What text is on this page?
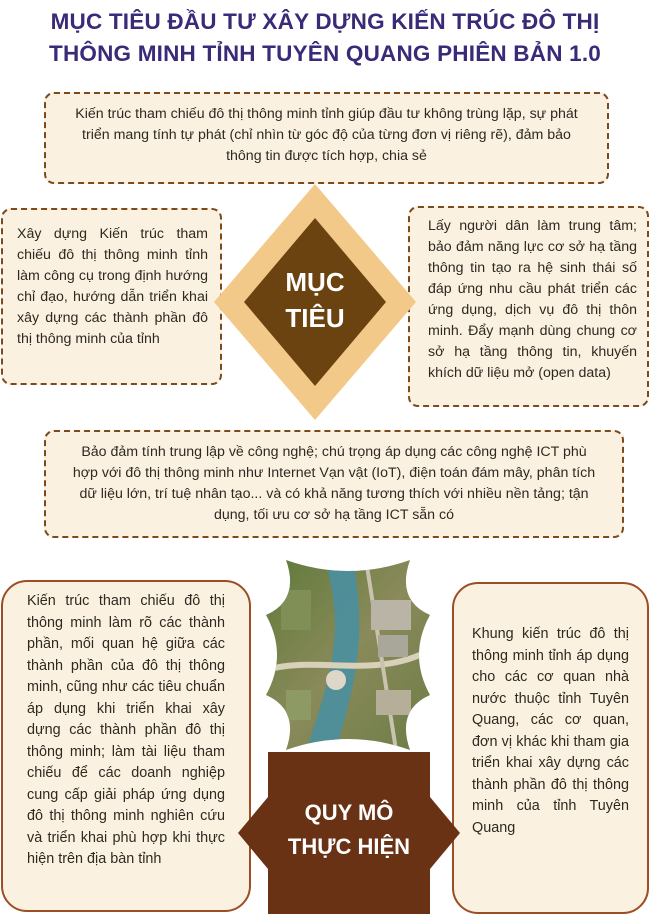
MỤC TIÊU ĐẦU TƯ XÂY DỰNG KIẾN TRÚC ĐÔ THỊ
THÔNG MINH TỈNH TUYÊN QUANG PHIÊN BẢN 1.0
Kiến trúc tham chiếu đô thị thông minh tỉnh giúp đầu tư không trùng lặp, sự phát triển mang tính tự phát (chỉ nhìn từ góc độ của từng đơn vị riêng rẽ), đảm bảo thông tin được tích hợp, chia sẻ
Xây dựng Kiến trúc tham chiếu đô thị thông minh tỉnh làm công cụ trong định hướng chỉ đạo, hướng dẫn triển khai xây dựng các thành phần đô thị thông minh của tỉnh
Lấy người dân làm trung tâm; bảo đảm năng lực cơ sở hạ tầng thông tin tạo ra hệ sinh thái số đáp ứng nhu cầu phát triển các ứng dụng, dịch vụ đô thị thôn minh. Đẩy mạnh dùng chung cơ sở hạ tầng thông tin, khuyến khích dữ liệu mở (open data)
MỤC
TIÊU
Bảo đảm tính trung lập về công nghệ; chú trọng áp dụng các công nghệ ICT phù hợp với đô thị thông minh như Internet Vạn vật (IoT), điện toán đám mây, phân tích dữ liệu lớn, trí tuệ nhân tạo... và có khả năng tương thích với nhiều nền tảng; tận dụng, tối ưu cơ sở hạ tầng ICT sẵn có
Kiến trúc tham chiếu đô thị thông minh làm rõ các thành phần, mối quan hệ giữa các thành phần của đô thị thông minh, cũng như các tiêu chuẩn áp dụng khi triển khai xây dựng các thành phần đô thị thông minh; làm tài liệu tham chiếu để các doanh nghiệp cung cấp giải pháp ứng dụng đô thị thông minh nghiên cứu và triển khai phù hợp khi thực hiện trên địa bàn tỉnh
Khung kiến trúc đô thị thông minh tỉnh áp dụng cho các cơ quan nhà nước thuộc tỉnh Tuyên Quang, các cơ quan, đơn vị khác khi tham gia triển khai xây dựng các thành phần đô thị thông minh của tỉnh Tuyên Quang
QUY MÔ
THỰC HIỆN
